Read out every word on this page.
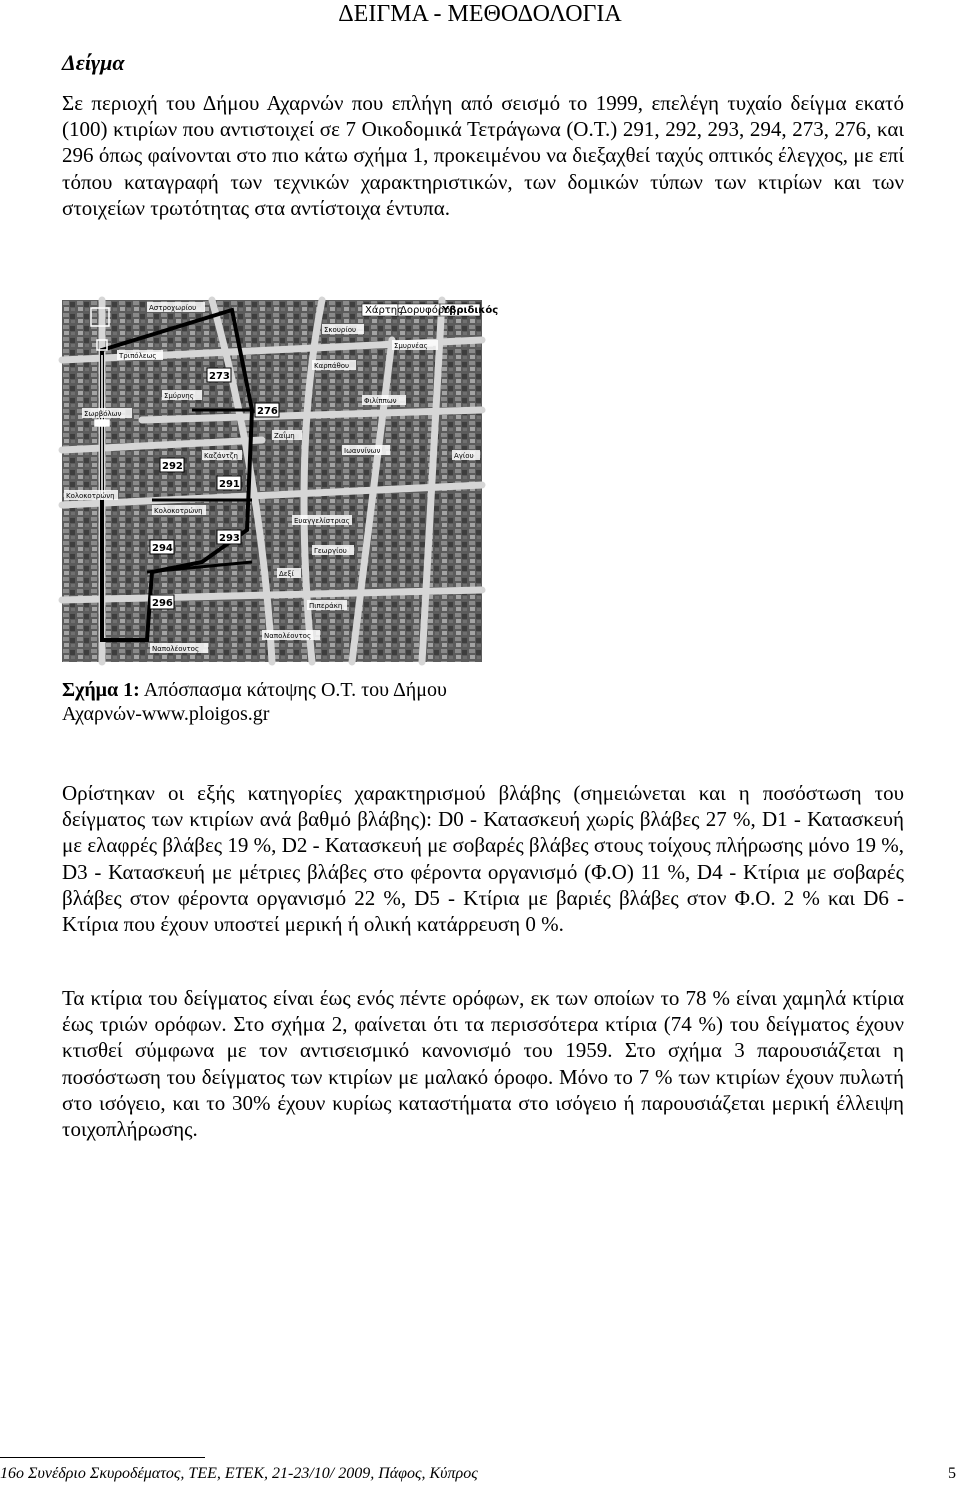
ΔΕΙΓΜΑ - ΜΕΘΟΔΟΛΟΓΙΑ
Δείγμα

Σε περιοχή του Δήμου Αχαρνών που επλήγη από σεισμό το 1999, επελέγη τυχαίο δείγμα εκατό (100) κτιρίων που αντιστοιχεί σε 7 Οικοδομικά Τετράγωνα (Ο.Τ.) 291, 292, 293, 294, 273, 276, και 296 όπως φαίνονται στο πιο κάτω σχήμα 1, προκειμένου να διεξαχθεί ταχύς οπτικός έλεγχος, με επί τόπου καταγραφή των τεχνικών χαρακτηριστικών, των δομικών τύπων των κτιρίων και των στοιχείων τρωτότητας στα αντίστοιχα έντυπα.

Χάρτης
Δορυφόρος
Υβριδικός
273
276
292
291
294
293
296
Αστροχωρίου
Τριπόλεως
Σμύρνης
Σκουρίου
Σμυρνέας
Σωρβόλων
Καρπάθου
Φιλίππων
Ζαΐμη
Ιωαννίνων
Ευαγγελίστριας
Κολοκοτρώνη
Καζάντζη
Κολοκοτρώνη
Δεξί
Γεωργίου
Πιπεράκη
Ναπολέοντος
Ναπολέοντος
Αγίου

Σχήμα 1: Απόσπασμα κάτοψης Ο.Τ. του Δήμου Αχαρνών-www.ploigos.gr

Ορίστηκαν οι εξής κατηγορίες χαρακτηρισμού βλάβης (σημειώνεται και η ποσόστωση του δείγματος των κτιρίων ανά βαθμό βλάβης): D0 - Κατασκευή χωρίς βλάβες 27 %, D1 - Κατασκευή με ελαφρές βλάβες 19 %, D2 - Κατασκευή με σοβαρές βλάβες στους τοίχους πλήρωσης μόνο 19 %, D3 - Κατασκευή με μέτριες βλάβες στο φέροντα οργανισμό (Φ.Ο) 11 %, D4 - Κτίρια με σοβαρές βλάβες στον φέροντα οργανισμό 22 %, D5 - Κτίρια με βαριές βλάβες στον Φ.Ο. 2 % και D6 - Κτίρια που έχουν υποστεί μερική ή ολική κατάρρευση 0 %.

Τα κτίρια του δείγματος είναι έως ενός πέντε ορόφων, εκ των οποίων το 78 % είναι χαμηλά κτίρια έως τριών ορόφων. Στο σχήμα 2, φαίνεται ότι τα περισσότερα κτίρια (74 %) του δείγματος έχουν κτισθεί σύμφωνα με τον αντισεισμικό κανονισμό του 1959. Στο σχήμα 3 παρουσιάζεται η ποσόστωση του δείγματος των κτιρίων με μαλακό όροφο. Μόνο το 7 % των κτιρίων έχουν πυλωτή στο ισόγειο, και το 30% έχουν κυρίως καταστήματα στο ισόγειο ή παρουσιάζεται μερική έλλειψη τοιχοπλήρωσης.

16ο Συνέδριο Σκυροδέματος, ΤΕΕ, ΕΤΕΚ, 21-23/10/ 2009, Πάφος, Κύπρος	5
